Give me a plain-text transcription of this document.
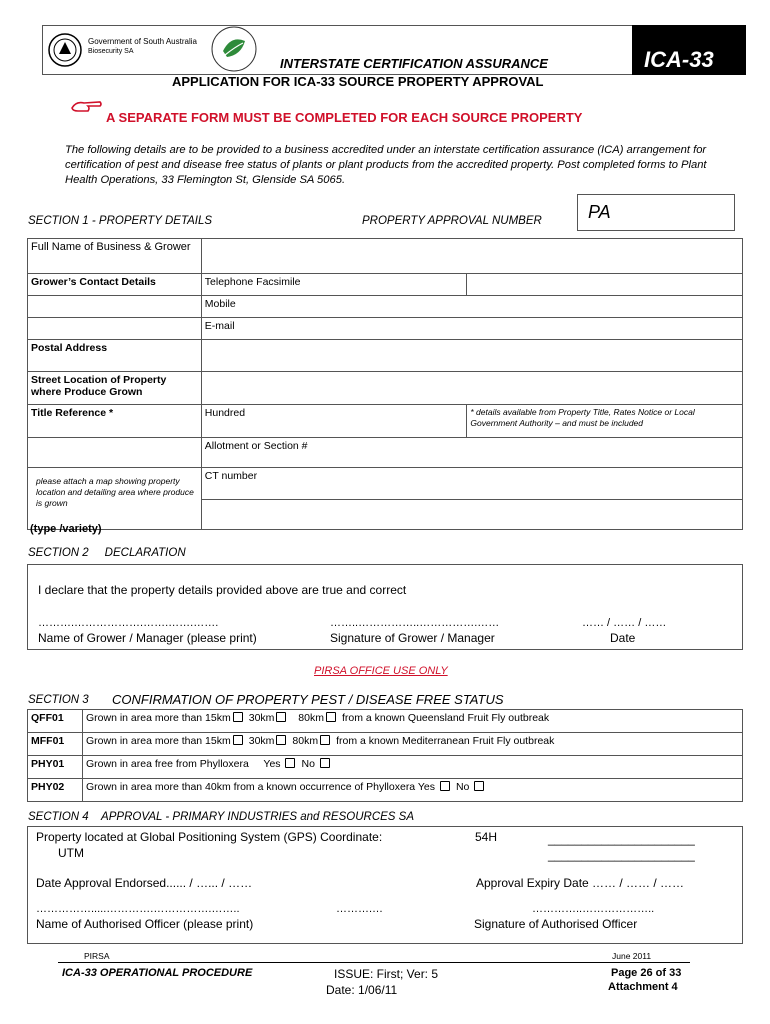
Government of South Australia
Biosecurity SA
INTERSTATE CERTIFICATION ASSURANCE	ICA-33
APPLICATION FOR ICA-33 SOURCE PROPERTY APPROVAL
A SEPARATE FORM MUST BE COMPLETED FOR EACH SOURCE PROPERTY
The following details are to be provided to a business accredited under an interstate certification assurance (ICA) arrangement for certification of pest and disease free status of plants or plant products from the accredited property. Post completed forms to Plant Health Operations, 33 Flemington St, Glenside SA 5065.
SECTION 1 - PROPERTY DETAILS	PROPERTY APPROVAL NUMBER	PA
Full Name of Business & Grower		
Grower’s Contact Details	Telephone Facsimile	
	Mobile	
	E-mail	
Postal Address		
Street Location of Property where Produce Grown		
Title Reference *	Hundred	* details available from Property Title, Rates Notice or Local Government Authority – and must be included
	Allotment or Section #	

please attach a map showing property location and detailing area where produce is grown	CT number	

(type /variety)
SECTION 2     DECLARATION
I declare that the property details provided above are true and correct
……….……………….…….…….…….	……..……………..…………….……	…… / …… / ……
Name of Grower / Manager (please print)	Signature of Grower / Manager	Date
PIRSA OFFICE USE ONLY
SECTION 3 CONFIRMATION OF PROPERTY PEST / DISEASE FREE STATUS
QFF01	Grown in area more than 15km 30km 80km from a known Queensland Fruit Fly outbreak
MFF01	Grown in area more than 15km 30km 80km from a known Mediterranean Fruit Fly outbreak
PHY01	Grown in area free from Phylloxera Yes No
PHY02	Grown in area more than 40km from a known occurrence of Phylloxera Yes No
SECTION 4    APPROVAL - PRIMARY INDUSTRIES and RESOURCES SA
Property located at Global Positioning System (GPS) Coordinate:
UTM
54H	______________________
______________________
Date Approval Endorsed...... / …... / ……	Approval Expiry Date …… / …… / ……
…………….....………….…………….……..	……….…	…………..………………..
Name of Authorised Officer (please print)	Signature of Authorised Officer
PIRSA	June 2011
ICA-33 OPERATIONAL PROCEDURE	ISSUE: First; Ver: 5
Date: 1/06/11
Page 26 of 33
Attachment 4
